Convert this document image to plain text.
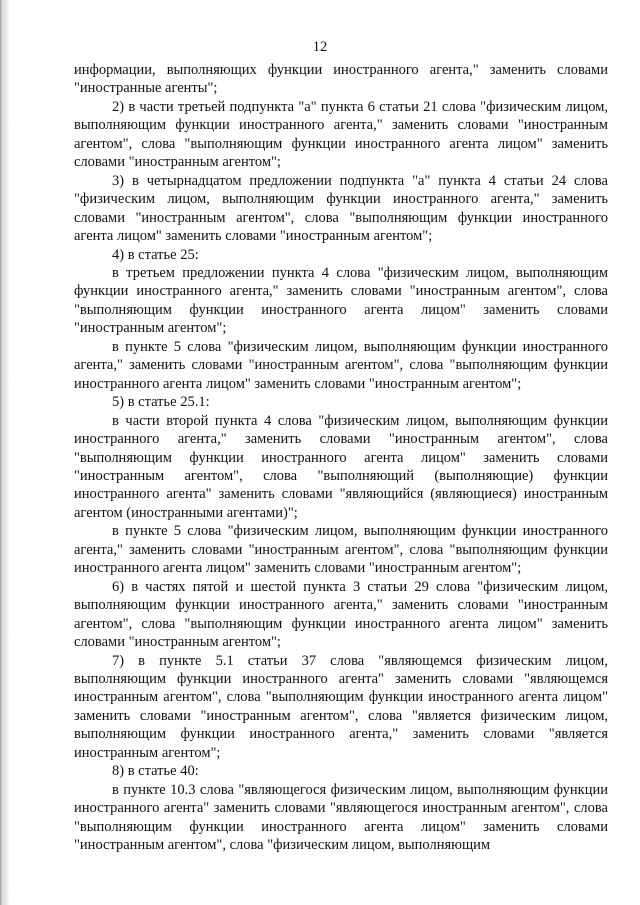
12

информации, выполняющих функции иностранного агента," заменить словами "иностранные агенты";

2) в части третьей подпункта "а" пункта 6 статьи 21 слова "физическим лицом, выполняющим функции иностранного агента," заменить словами "иностранным агентом", слова "выполняющим функции иностранного агента лицом" заменить словами "иностранным агентом";

3) в четырнадцатом предложении подпункта "а" пункта 4 статьи 24 слова "физическим лицом, выполняющим функции иностранного агента," заменить словами "иностранным агентом", слова "выполняющим функции иностранного агента лицом" заменить словами "иностранным агентом";

4) в статье 25:

в третьем предложении пункта 4 слова "физическим лицом, выполняющим функции иностранного агента," заменить словами "иностранным агентом", слова "выполняющим функции иностранного агента лицом" заменить словами "иностранным агентом";

в пункте 5 слова "физическим лицом, выполняющим функции иностранного агента," заменить словами "иностранным агентом", слова "выполняющим функции иностранного агента лицом" заменить словами "иностранным агентом";

5) в статье 25.1:

в части второй пункта 4 слова "физическим лицом, выполняющим функции иностранного агента," заменить словами "иностранным агентом", слова "выполняющим функции иностранного агента лицом" заменить словами "иностранным агентом", слова "выполняющий (выполняющие) функции иностранного агента" заменить словами "являющийся (являющиеся) иностранным агентом (иностранными агентами)";

в пункте 5 слова "физическим лицом, выполняющим функции иностранного агента," заменить словами "иностранным агентом", слова "выполняющим функции иностранного агента лицом" заменить словами "иностранным агентом";

6) в частях пятой и шестой пункта 3 статьи 29 слова "физическим лицом, выполняющим функции иностранного агента," заменить словами "иностранным агентом", слова "выполняющим функции иностранного агента лицом" заменить словами "иностранным агентом";

7) в пункте 5.1 статьи 37 слова "являющемся физическим лицом, выполняющим функции иностранного агента" заменить словами "являющемся иностранным агентом", слова "выполняющим функции иностранного агента лицом" заменить словами "иностранным агентом", слова "является физическим лицом, выполняющим функции иностранного агента," заменить словами "является иностранным агентом";

8) в статье 40:

в пункте 10.3 слова "являющегося физическим лицом, выполняющим функции иностранного агента" заменить словами "являющегося иностранным агентом", слова "выполняющим функции иностранного агента лицом" заменить словами "иностранным агентом", слова "физическим лицом, выполняющим
